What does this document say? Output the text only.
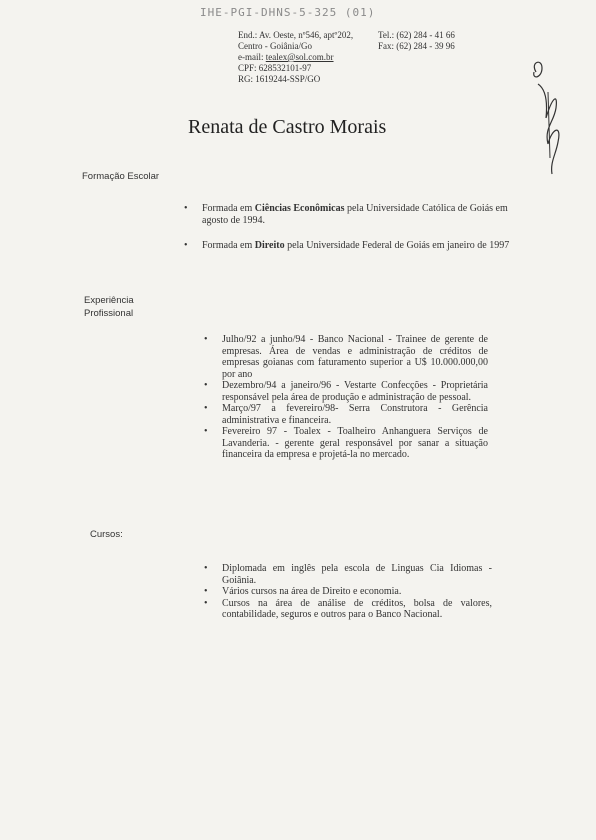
IHE-PGI-DHNS-5-325 (01)
End.: Av. Oeste, nº546, aptº202,
Centro - Goiânia/Go
e-mail: tealex@sol.com.br
CPF: 628532101-97
RG: 1619244-SSP/GO
Tel.: (62) 284 - 41 66
Fax: (62) 284 - 39 96
Renata de Castro Morais
Formação Escolar
• Formada em Ciências Econômicas pela Universidade Católica de Goiás em agosto de 1994.
• Formada em Direito pela Universidade Federal de Goiás em janeiro de 1997
Experiência
Profissional
• Julho/92 a junho/94 - Banco Nacional - Trainee de gerente de empresas. Área de vendas e administração de créditos de empresas goianas com faturamento superior a U$ 10.000.000,00 por ano
• Dezembro/94 a janeiro/96 - Vestarte Confecções - Proprietária responsável pela área de produção e administração de pessoal.
• Março/97 a fevereiro/98- Serra Construtora - Gerência administrativa e financeira.
• Fevereiro 97 - Toalex - Toalheiro Anhanguera Serviços de Lavanderia. - gerente geral responsável por sanar a situação financeira da empresa e projetá-la no mercado.
Cursos:
• Diplomada em inglês pela escola de Linguas Cia Idiomas - Goiânia.
• Vários cursos na área de Direito e economia.
• Cursos na área de análise de créditos, bolsa de valores, contabilidade, seguros e outros para o Banco Nacional.
